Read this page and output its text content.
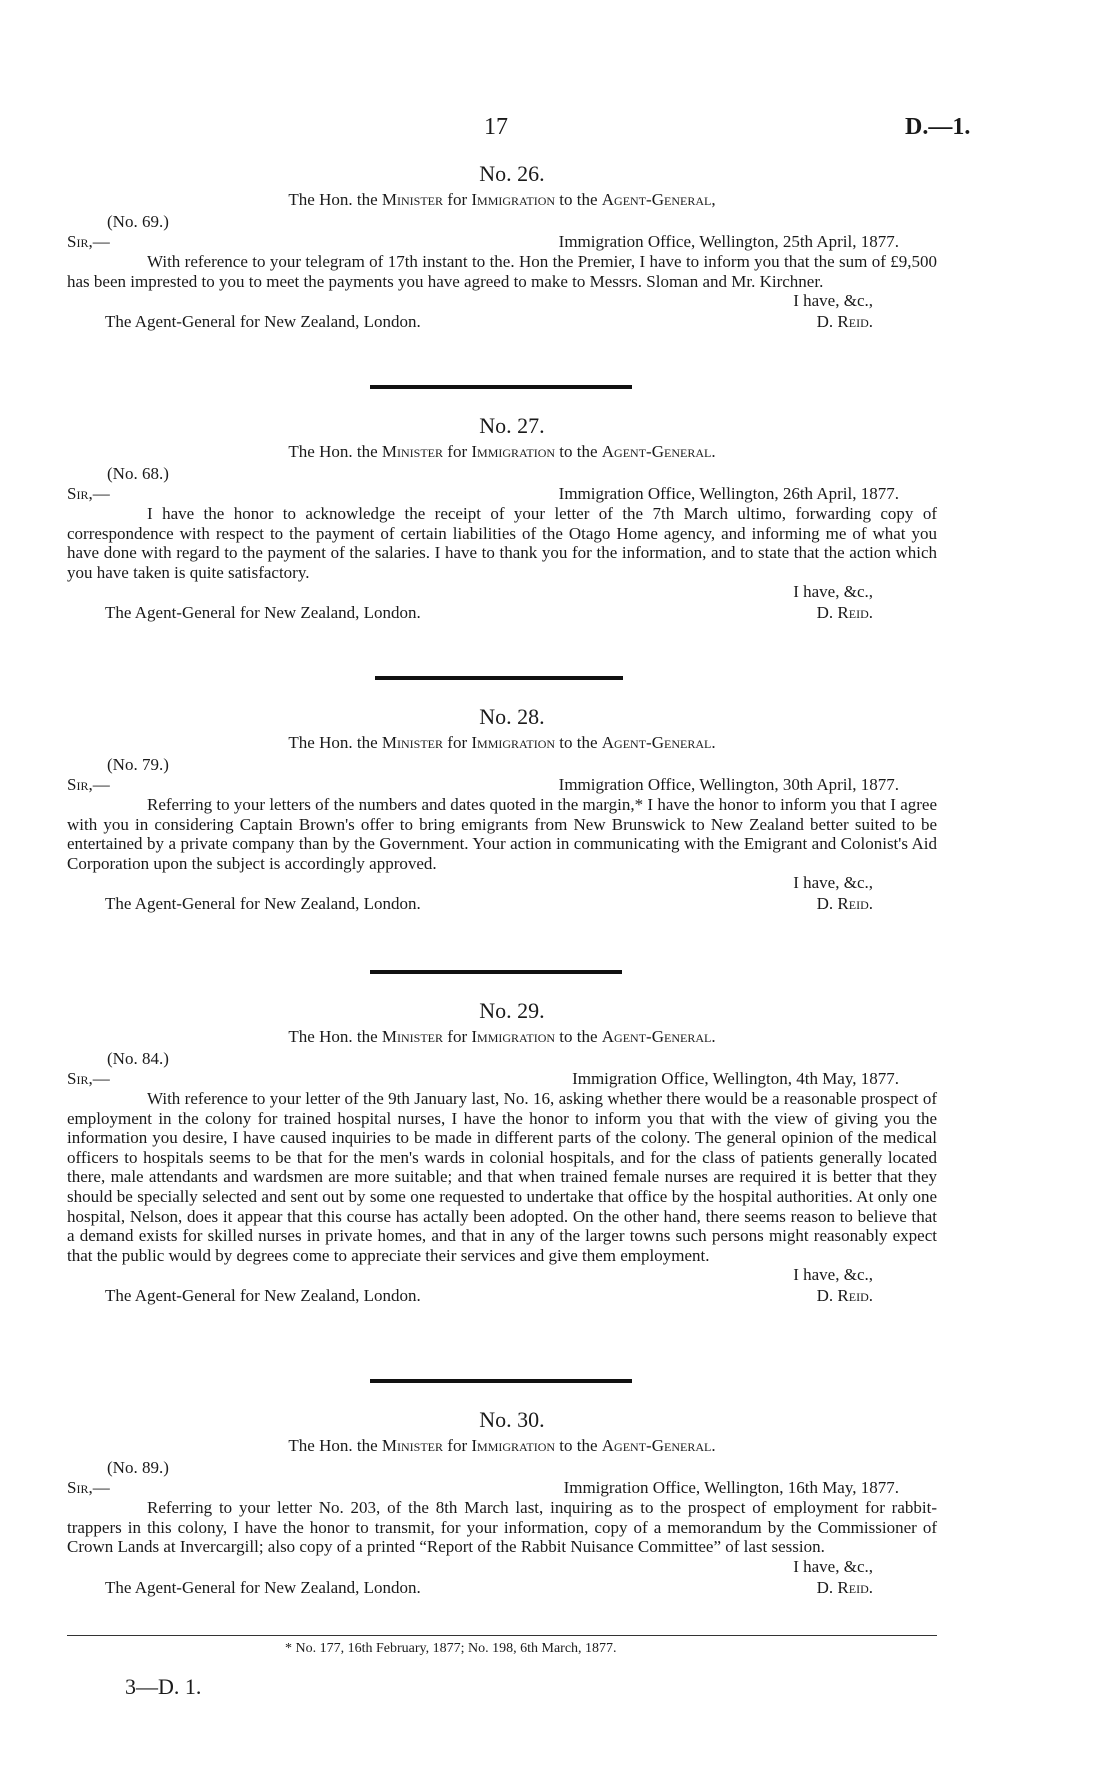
17	D.—1.
No. 26.
The Hon. the Minister for Immigration to the Agent-General,
(No. 69.)
Sir,—	Immigration Office, Wellington, 25th April, 1877.

With reference to your telegram of 17th instant to the. Hon the Premier, I have to inform you that the sum of £9,500 has been imprested to you to meet the payments you have agreed to make to Messrs. Sloman and Mr. Kirchner.

I have, &c.,
The Agent-General for New Zealand, London.	D. Reid.
No. 27.
The Hon. the Minister for Immigration to the Agent-General.
(No. 68.)
Sir,—	Immigration Office, Wellington, 26th April, 1877.

I have the honor to acknowledge the receipt of your letter of the 7th March ultimo, forwarding copy of correspondence with respect to the payment of certain liabilities of the Otago Home agency, and informing me of what you have done with regard to the payment of the salaries. I have to thank you for the information, and to state that the action which you have taken is quite satisfactory.

I have, &c.,
The Agent-General for New Zealand, London.	D. Reid.
No. 28.
The Hon. the Minister for Immigration to the Agent-General.
(No. 79.)
Sir,—	Immigration Office, Wellington, 30th April, 1877.

Referring to your letters of the numbers and dates quoted in the margin,* I have the honor to inform you that I agree with you in considering Captain Brown's offer to bring emigrants from New Brunswick to New Zealand better suited to be entertained by a private company than by the Government. Your action in communicating with the Emigrant and Colonist's Aid Corporation upon the subject is accordingly approved.

I have, &c.,
The Agent-General for New Zealand, London.	D. Reid.
No. 29.
The Hon. the Minister for Immigration to the Agent-General.
(No. 84.)
Sir,—	Immigration Office, Wellington, 4th May, 1877.

With reference to your letter of the 9th January last, No. 16, asking whether there would be a reasonable prospect of employment in the colony for trained hospital nurses, I have the honor to inform you that with the view of giving you the information you desire, I have caused inquiries to be made in different parts of the colony. The general opinion of the medical officers to hospitals seems to be that for the men's wards in colonial hospitals, and for the class of patients generally located there, male attendants and wardsmen are more suitable; and that when trained female nurses are required it is better that they should be specially selected and sent out by some one requested to undertake that office by the hospital authorities. At only one hospital, Nelson, does it appear that this course has actally been adopted. On the other hand, there seems reason to believe that a demand exists for skilled nurses in private homes, and that in any of the larger towns such persons might reasonably expect that the public would by degrees come to appreciate their services and give them employment.

I have, &c.,
The Agent-General for New Zealand, London.	D. Reid.
No. 30.
The Hon. the Minister for Immigration to the Agent-General.
(No. 89.)
Sir,—	Immigration Office, Wellington, 16th May, 1877.

Referring to your letter No. 203, of the 8th March last, inquiring as to the prospect of employment for rabbit-trappers in this colony, I have the honor to transmit, for your information, copy of a memorandum by the Commissioner of Crown Lands at Invercargill; also copy of a printed “Report of the Rabbit Nuisance Committee” of last session.

I have, &c.,
The Agent-General for New Zealand, London.	D. Reid.
* No. 177, 16th February, 1877; No. 198, 6th March, 1877.
3—D. 1.
